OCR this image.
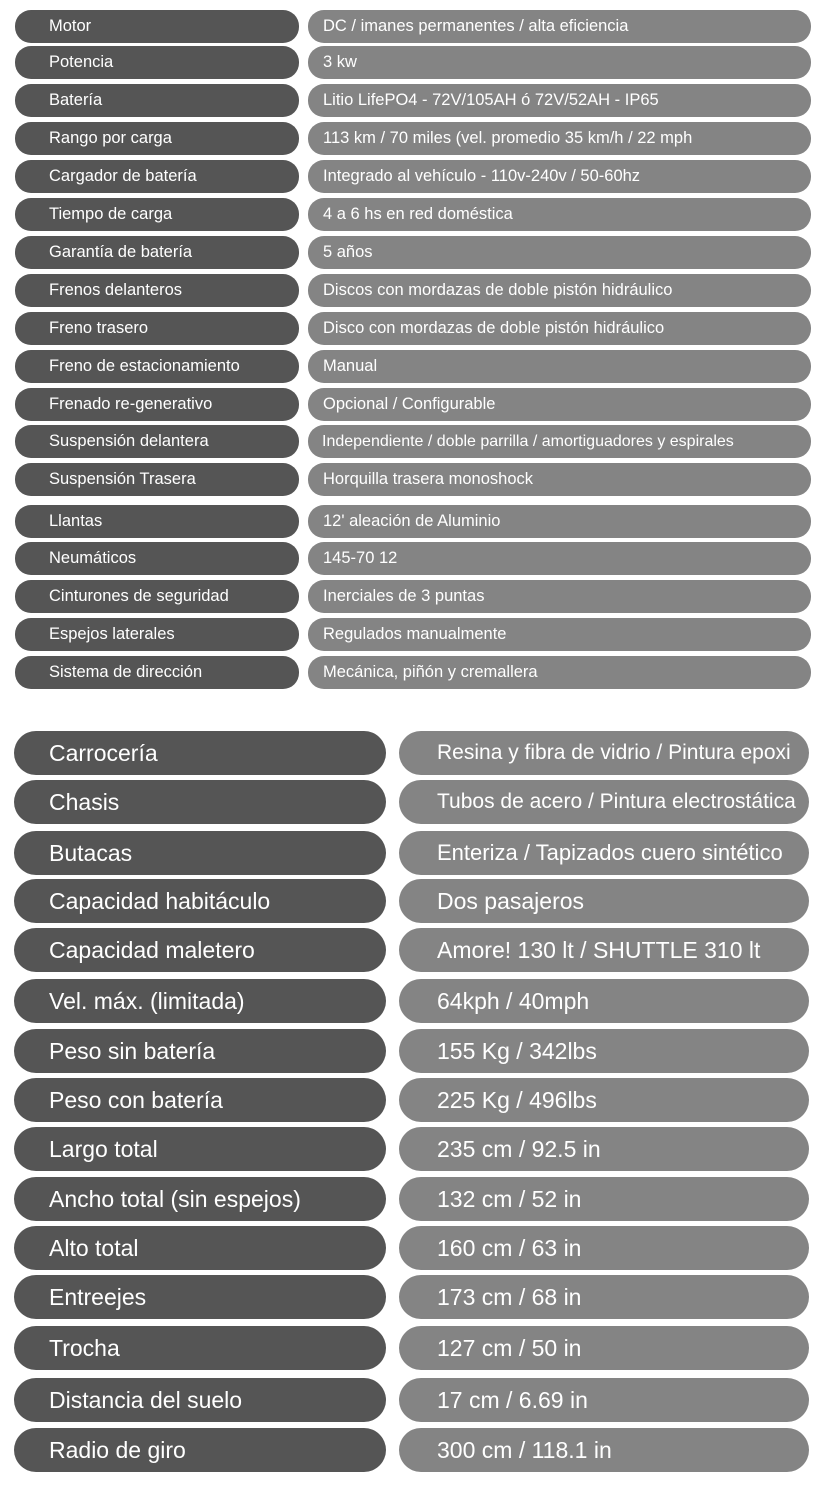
Motor	DC / imanes permanentes / alta eficiencia
Potencia	3 kw
Batería	Litio LifePO4 - 72V/105AH ó 72V/52AH - IP65
Rango por carga	113 km / 70 miles (vel. promedio 35 km/h / 22 mph
Cargador de batería	Integrado al vehículo - 110v-240v / 50-60hz
Tiempo de carga	4 a 6 hs en red doméstica
Garantía de batería	5 años
Frenos delanteros	Discos con mordazas de doble pistón hidráulico
Freno trasero	Disco con mordazas de doble pistón hidráulico
Freno de estacionamiento	Manual
Frenado re-generativo	Opcional / Configurable
Suspensión delantera	Independiente / doble parrilla / amortiguadores y espirales
Suspensión Trasera	Horquilla trasera monoshock
Llantas	12' aleación de Aluminio
Neumáticos	145-70 12
Cinturones de seguridad	Inerciales de 3 puntas
Espejos laterales	Regulados manualmente
Sistema de dirección	Mecánica, piñón y cremallera
Carrocería	Resina y fibra de vidrio / Pintura epoxi
Chasis	Tubos de acero / Pintura electrostática
Butacas	Enteriza / Tapizados cuero sintético
Capacidad habitáculo	Dos pasajeros
Capacidad maletero	Amore! 130 lt / SHUTTLE 310 lt
Vel. máx. (limitada)	64kph / 40mph
Peso sin batería	155 Kg / 342lbs
Peso con batería	225 Kg / 496lbs
Largo total	235 cm / 92.5 in
Ancho total (sin espejos)	132 cm / 52 in
Alto total	160 cm / 63 in
Entreejes	173 cm / 68 in
Trocha	127 cm / 50 in
Distancia del suelo	17 cm / 6.69 in
Radio de giro	300 cm / 118.1 in
